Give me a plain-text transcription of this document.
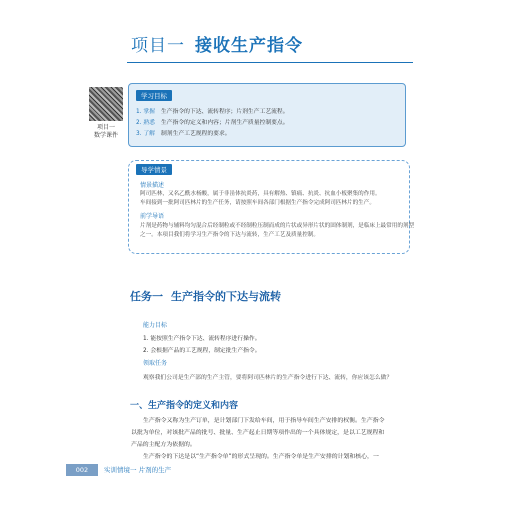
项目一 接收生产指令
项目一
数学课件
学习目标
1. 掌握 生产指令的下达、流转程序；片剂生产工艺流程。
2. 熟悉 生产指令的定义和内容；片剂生产质量控制要点。
3. 了解 制剂生产工艺规程的要求。
导学情景
情景描述
阿司匹林，又名乙酰水杨酸，属于非甾体抗炎药，具有解热、镇痛、抗炎、抗血小板聚集的作用。
车间接到一批阿司匹林片的生产任务，请按照车间各部门根据生产指令完成阿司匹林片的生产。
前学导语
片剂是药物与辅料均匀混合后经制粒或不经制粒压制而成的片状或异形片状的固体制剂，是临床上最常用的剂型
之一。本项目我们将学习生产指令的下达与流转，生产工艺及质量控制。
任务一 生产指令的下达与流转
能力目标
1. 能按照生产指令下达、流转程序进行操作。
2. 会根据产品的工艺规程，制定批生产指令。
领取任务
观察我们公司是生产部的生产主管，要将阿司匹林片的生产指令进行下达、流转，你应该怎么做？
一、生产指令的定义和内容
生产指令又称为生产订单，是计划部门下发给车间，用于指导车间生产安排的权衡。生产指令
以批为单位，对该批产品的批号、批量、生产起止日期等项作出的一个具体规定，是以工艺规程和
产品的主配方为依据的。
生产指令的下达是以“生产指令单”的形式呈现的。生产指令单是生产安排的计划和核心，一
002	实训情境一 片剂的生产
